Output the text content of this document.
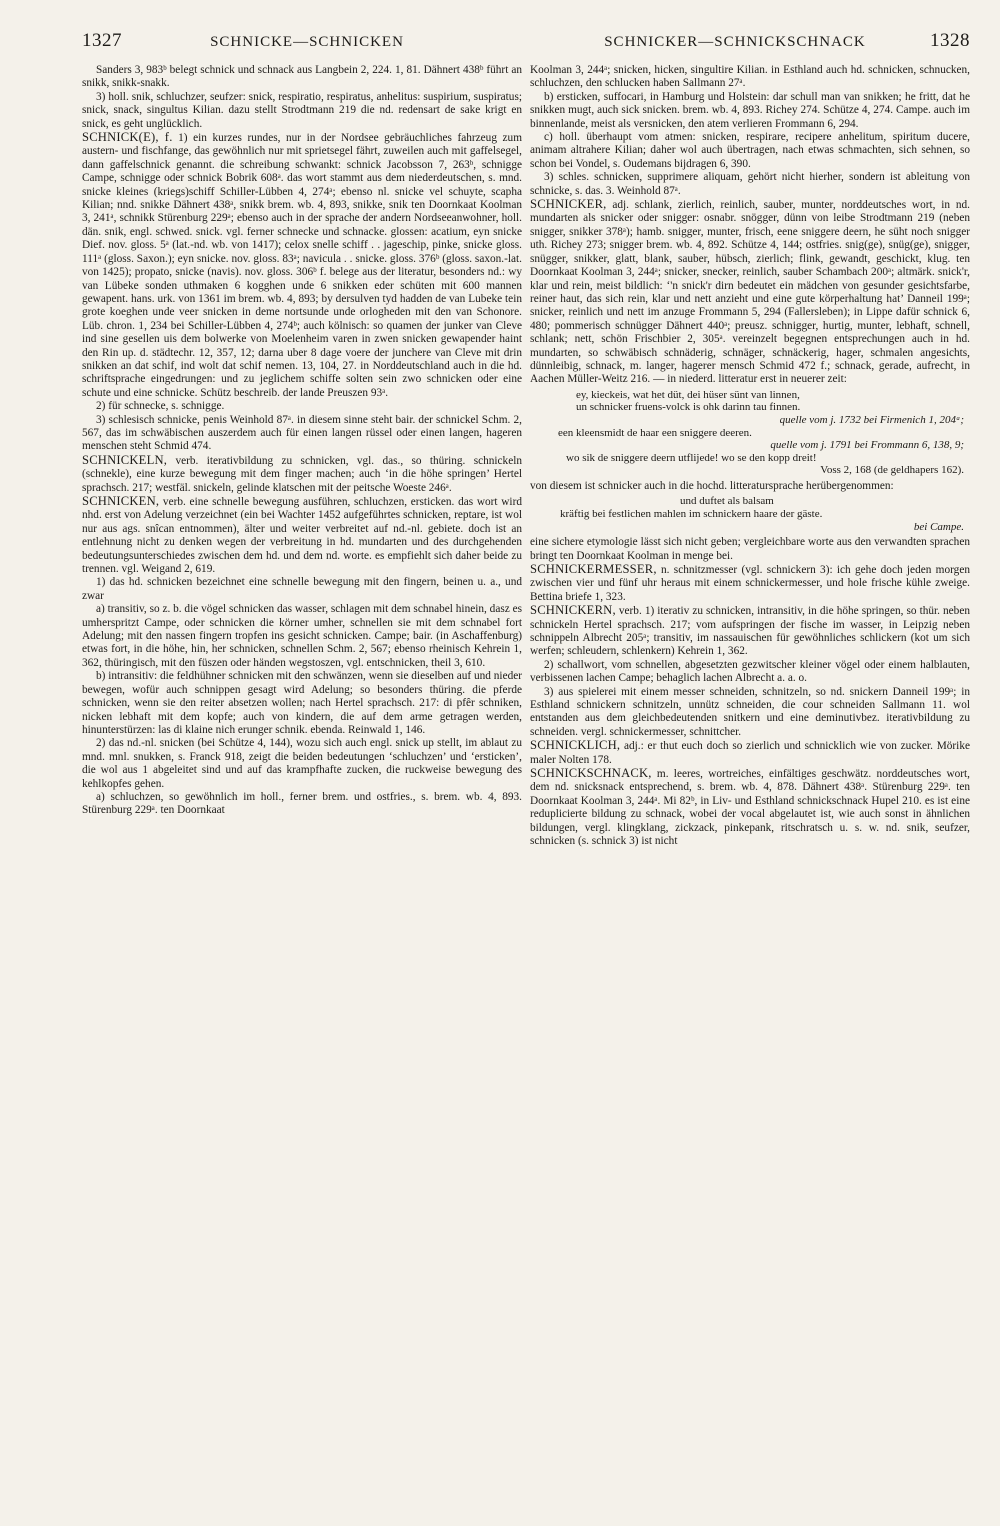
1327	SCHNICKE—SCHNICKEN	SCHNICKER—SCHNICKSCHNACK	1328

Sanders 3, 983ᵇ belegt schnick und schnack aus Langbein 2, 224. 1, 81. Dähnert 438ᵇ führt an snikk, snikk-snakk.

3) holl. snik, schluchzer, seufzer: snick, respiratio, respiratus, anhelitus: suspirium, suspiratus; snick, snack, singultus Kilian. dazu stellt Strodtmann 219 die nd. redensart de sake krigt en snick, es geht unglücklich.

SCHNICK(E), f. 1) ein kurzes rundes, nur in der Nordsee gebräuchliches fahrzeug zum austern- und fischfange, das gewöhnlich nur mit sprietsegel fährt, zuweilen auch mit gaffelsegel, dann gaffelschnick genannt. die schreibung schwankt: schnick Jacobsson 7, 263ᵇ, schnigge Campe, schnigge oder schnick Bobrik 608ᵃ. das wort stammt aus dem niederdeutschen, s. mnd. snicke kleines (kriegs)schiff Schiller-Lübben 4, 274ᵃ; ebenso nl. snicke vel schuyte, scapha Kilian; nnd. snikke Dähnert 438ᵃ, snikk brem. wb. 4, 893, snikke, snik ten Doornkaat Koolman 3, 241ᵃ, schnikk Stürenburg 229ᵃ; ebenso auch in der sprache der andern Nordseeanwohner, holl. dän. snik, engl. schwed. snick. vgl. ferner schnecke und schnacke. glossen: acatium, eyn snicke Dief. nov. gloss. 5ᵃ (lat.-nd. wb. von 1417); celox snelle schiff . . jageschip, pinke, snicke gloss. 111ᵃ (gloss. Saxon.); eyn snicke. nov. gloss. 83ᵃ; navicula . . snicke. gloss. 376ᵇ (gloss. saxon.-lat. von 1425); propato, snicke (navis). nov. gloss. 306ᵇ f. belege aus der literatur, besonders nd.: wy van Lübeke sonden uthmaken 6 kogghen unde 6 snikken eder schüten mit 600 mannen gewapent. hans. urk. von 1361 im brem. wb. 4, 893; by dersulven tyd hadden de van Lubeke tein grote koeghen unde veer snicken in deme nortsunde unde orlogheden mit den van Schonore. Lüb. chron. 1, 234 bei Schiller-Lübben 4, 274ᵇ; auch kölnisch: so quamen der junker van Cleve ind sine gesellen uis dem bolwerke von Moelenheim varen in zwen snicken gewapender haint den Rin up. d. städtechr. 12, 357, 12; darna uber 8 dage voere der junchere van Cleve mit drin snikken an dat schif, ind wolt dat schif nemen. 13, 104, 27. in Norddeutschland auch in die hd. schriftsprache eingedrungen: und zu jeglichem schiffe solten sein zwo schnicken oder eine schute und eine schnicke. Schütz beschreib. der lande Preuszen 93ᵃ.

2) für schnecke, s. schnigge.

3) schlesisch schnicke, penis Weinhold 87ᵃ. in diesem sinne steht bair. der schnickel Schm. 2, 567, das im schwäbischen auszerdem auch für einen langen rüssel oder einen langen, hageren menschen steht Schmid 474.

SCHNICKELN, verb. iterativbildung zu schnicken, vgl. das., so thüring. schnickeln (schnekle), eine kurze bewegung mit dem finger machen; auch ‘in die höhe springen’ Hertel sprachsch. 217; westfäl. snickeln, gelinde klatschen mit der peitsche Woeste 246ᵃ.

SCHNICKEN, verb. eine schnelle bewegung ausführen, schluchzen, ersticken. das wort wird nhd. erst von Adelung verzeichnet (ein bei Wachter 1452 aufgeführtes schnicken, reptare, ist wol nur aus ags. snîcan entnommen), älter und weiter verbreitet auf nd.-nl. gebiete. doch ist an entlehnung nicht zu denken wegen der verbreitung in hd. mundarten und des durchgehenden bedeutungsunterschiedes zwischen dem hd. und dem nd. worte. es empfiehlt sich daher beide zu trennen. vgl. Weigand 2, 619.

1) das hd. schnicken bezeichnet eine schnelle bewegung mit den fingern, beinen u. a., und zwar

a) transitiv, so z. b. die vögel schnicken das wasser, schlagen mit dem schnabel hinein, dasz es umherspritzt Campe, oder schnicken die körner umher, schnellen sie mit dem schnabel fort Adelung; mit den nassen fingern tropfen ins gesicht schnicken. Campe; bair. (in Aschaffenburg) etwas fort, in die höhe, hin, her schnicken, schnellen Schm. 2, 567; ebenso rheinisch Kehrein 1, 362, thüringisch, mit den füszen oder händen wegstoszen, vgl. entschnicken, theil 3, 610.

b) intransitiv: die feldhühner schnicken mit den schwänzen, wenn sie dieselben auf und nieder bewegen, wofür auch schnippen gesagt wird Adelung; so besonders thüring. die pferde schnicken, wenn sie den reiter absetzen wollen; nach Hertel sprachsch. 217: di pfêr schniken, nicken lebhaft mit dem kopfe; auch von kindern, die auf dem arme getragen werden, hinunterstürzen: las di klaine nich erunger schnik. ebenda. Reinwald 1, 146.

2) das nd.-nl. snicken (bei Schütze 4, 144), wozu sich auch engl. snick up stellt, im ablaut zu mnd. mnl. snukken, s. Franck 918, zeigt die beiden bedeutungen ‘schluchzen’ und ‘ersticken’, die wol aus 1 abgeleitet sind und auf das krampfhafte zucken, die ruckweise bewegung des kehlkopfes gehen.

a) schluchzen, so gewöhnlich im holl., ferner brem. und ostfries., s. brem. wb. 4, 893. Stürenburg 229ᵃ. ten Doornkaat

Koolman 3, 244ᵃ; snicken, hicken, singultire Kilian. in Esthland auch hd. schnicken, schnucken, schluchzen, den schlucken haben Sallmann 27ᵃ.

b) ersticken, suffocari, in Hamburg und Holstein: dar schull man van snikken; he fritt, dat he snikken mugt, auch sick snicken. brem. wb. 4, 893. Richey 274. Schütze 4, 274. Campe. auch im binnenlande, meist als versnicken, den atem verlieren Frommann 6, 294.

c) holl. überhaupt vom atmen: snicken, respirare, recipere anhelitum, spiritum ducere, animam altrahere Kilian; daher wol auch übertragen, nach etwas schmachten, sich sehnen, so schon bei Vondel, s. Oudemans bijdragen 6, 390.

3) schles. schnicken, supprimere aliquam, gehört nicht hierher, sondern ist ableitung von schnicke, s. das. 3. Weinhold 87ᵃ.

SCHNICKER, adj. schlank, zierlich, reinlich, sauber, munter, norddeutsches wort, in nd. mundarten als snicker oder snigger: osnabr. snögger, dünn von leibe Strodtmann 219 (neben snigger, snikker 378ᵃ); hamb. snigger, munter, frisch, eene sniggere deern, he süht noch snigger uth. Richey 273; snigger brem. wb. 4, 892. Schütze 4, 144; ostfries. snig(ge), snüg(ge), snigger, snügger, snikker, glatt, blank, sauber, hübsch, zierlich; flink, gewandt, geschickt, klug. ten Doornkaat Koolman 3, 244ᵃ; snicker, snecker, reinlich, sauber Schambach 200ᵃ; altmärk. snick'r, klar und rein, meist bildlich: ‘'n snick'r dirn bedeutet ein mädchen von gesunder gesichtsfarbe, reiner haut, das sich rein, klar und nett anzieht und eine gute körperhaltung hat’ Danneil 199ᵃ; snicker, reinlich und nett im anzuge Frommann 5, 294 (Fallersleben); in Lippe dafür schnick 6, 480; pommerisch schnügger Dähnert 440ᵃ; preusz. schnigger, hurtig, munter, lebhaft, schnell, schlank; nett, schön Frischbier 2, 305ᵃ. vereinzelt begegnen entsprechungen auch in hd. mundarten, so schwäbisch schnäderig, schnäger, schnäckerig, hager, schmalen angesichts, dünnleibig, schnack, m. langer, hagerer mensch Schmid 472 f.; schnack, gerade, aufrecht, in Aachen Müller-Weitz 216. — in niederd. litteratur erst in neuerer zeit:

ey, kieckeis, wat het düt, dei hüser sünt van linnen,
un schnicker fruens-volck is ohk darinn tau finnen.
quelle vom j. 1732 bei Firmenich 1, 204ᵃ;
een kleensmidt de haar een sniggere deeren.
quelle vom j. 1791 bei Frommann 6, 138, 9;
wo sik de sniggere deern utflijede! wo se den kopp dreit!
Voss 2, 168 (de geldhapers 162).

von diesem ist schnicker auch in die hochd. litteratursprache herübergenommen:

und duftet als balsam
kräftig bei festlichen mahlen im schnickern haare der gäste.
bei Campe.

eine sichere etymologie lässt sich nicht geben; vergleichbare worte aus den verwandten sprachen bringt ten Doornkaat Koolman in menge bei.

SCHNICKERMESSER, n. schnitzmesser (vgl. schnickern 3): ich gehe doch jeden morgen zwischen vier und fünf uhr heraus mit einem schnickermesser, und hole frische kühle zweige. Bettina briefe 1, 323.

SCHNICKERN, verb. 1) iterativ zu schnicken, intransitiv, in die höhe springen, so thür. neben schnickeln Hertel sprachsch. 217; vom aufspringen der fische im wasser, in Leipzig neben schnippeln Albrecht 205ᵃ; transitiv, im nassauischen für gewöhnliches schlickern (kot um sich werfen; schleudern, schlenkern) Kehrein 1, 362.

2) schallwort, vom schnellen, abgesetzten gezwitscher kleiner vögel oder einem halblauten, verbissenen lachen Campe; behaglich lachen Albrecht a. a. o.

3) aus spielerei mit einem messer schneiden, schnitzeln, so nd. snickern Danneil 199ᵃ; in Esthland schnickern schnitzeln, unnütz schneiden, die cour schneiden Sallmann 11. wol entstanden aus dem gleichbedeutenden snitkern und eine deminutivbez. iterativbildung zu schneiden. vergl. schnickermesser, schnittcher.

SCHNICKLICH, adj.: er thut euch doch so zierlich und schnicklich wie von zucker. Mörike maler Nolten 178.

SCHNICKSCHNACK, m. leeres, wortreiches, einfältiges geschwätz. norddeutsches wort, dem nd. snicksnack entsprechend, s. brem. wb. 4, 878. Dähnert 438ᵃ. Stürenburg 229ᵃ. ten Doornkaat Koolman 3, 244ᵃ. Mi 82ᵇ, in Liv- und Esthland schnickschnack Hupel 210. es ist eine reduplicierte bildung zu schnack, wobei der vocal abgelautet ist, wie auch sonst in ähnlichen bildungen, vergl. klingklang, zickzack, pinkepank, ritschratsch u. s. w. nd. snik, seufzer, schnicken (s. schnick 3) ist nicht
